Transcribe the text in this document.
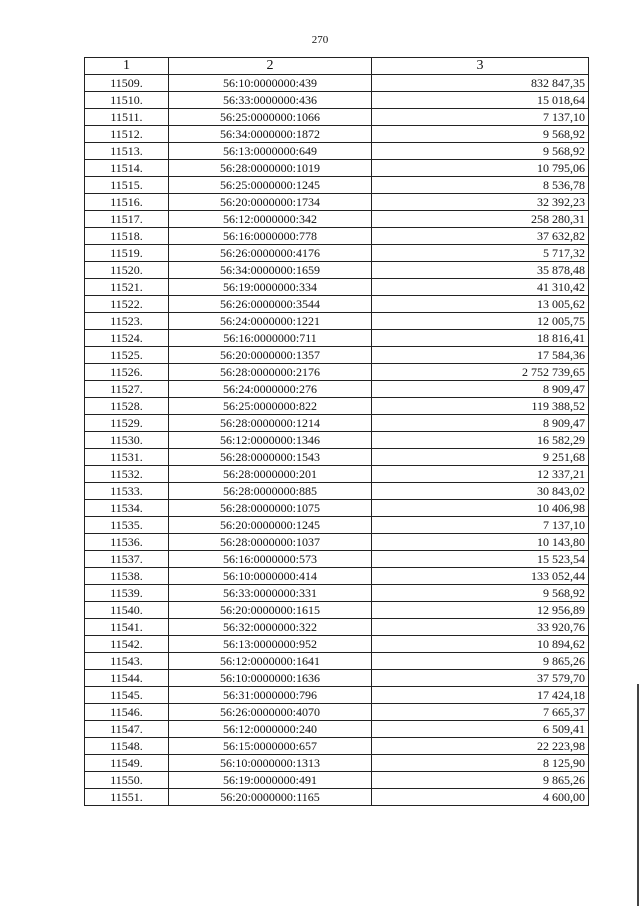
270
1	2	3
11509.	56:10:0000000:439	832 847,35
11510.	56:33:0000000:436	15 018,64
11511.	56:25:0000000:1066	7 137,10
11512.	56:34:0000000:1872	9 568,92
11513.	56:13:0000000:649	9 568,92
11514.	56:28:0000000:1019	10 795,06
11515.	56:25:0000000:1245	8 536,78
11516.	56:20:0000000:1734	32 392,23
11517.	56:12:0000000:342	258 280,31
11518.	56:16:0000000:778	37 632,82
11519.	56:26:0000000:4176	5 717,32
11520.	56:34:0000000:1659	35 878,48
11521.	56:19:0000000:334	41 310,42
11522.	56:26:0000000:3544	13 005,62
11523.	56:24:0000000:1221	12 005,75
11524.	56:16:0000000:711	18 816,41
11525.	56:20:0000000:1357	17 584,36
11526.	56:28:0000000:2176	2 752 739,65
11527.	56:24:0000000:276	8 909,47
11528.	56:25:0000000:822	119 388,52
11529.	56:28:0000000:1214	8 909,47
11530.	56:12:0000000:1346	16 582,29
11531.	56:28:0000000:1543	9 251,68
11532.	56:28:0000000:201	12 337,21
11533.	56:28:0000000:885	30 843,02
11534.	56:28:0000000:1075	10 406,98
11535.	56:20:0000000:1245	7 137,10
11536.	56:28:0000000:1037	10 143,80
11537.	56:16:0000000:573	15 523,54
11538.	56:10:0000000:414	133 052,44
11539.	56:33:0000000:331	9 568,92
11540.	56:20:0000000:1615	12 956,89
11541.	56:32:0000000:322	33 920,76
11542.	56:13:0000000:952	10 894,62
11543.	56:12:0000000:1641	9 865,26
11544.	56:10:0000000:1636	37 579,70
11545.	56:31:0000000:796	17 424,18
11546.	56:26:0000000:4070	7 665,37
11547.	56:12:0000000:240	6 509,41
11548.	56:15:0000000:657	22 223,98
11549.	56:10:0000000:1313	8 125,90
11550.	56:19:0000000:491	9 865,26
11551.	56:20:0000000:1165	4 600,00
